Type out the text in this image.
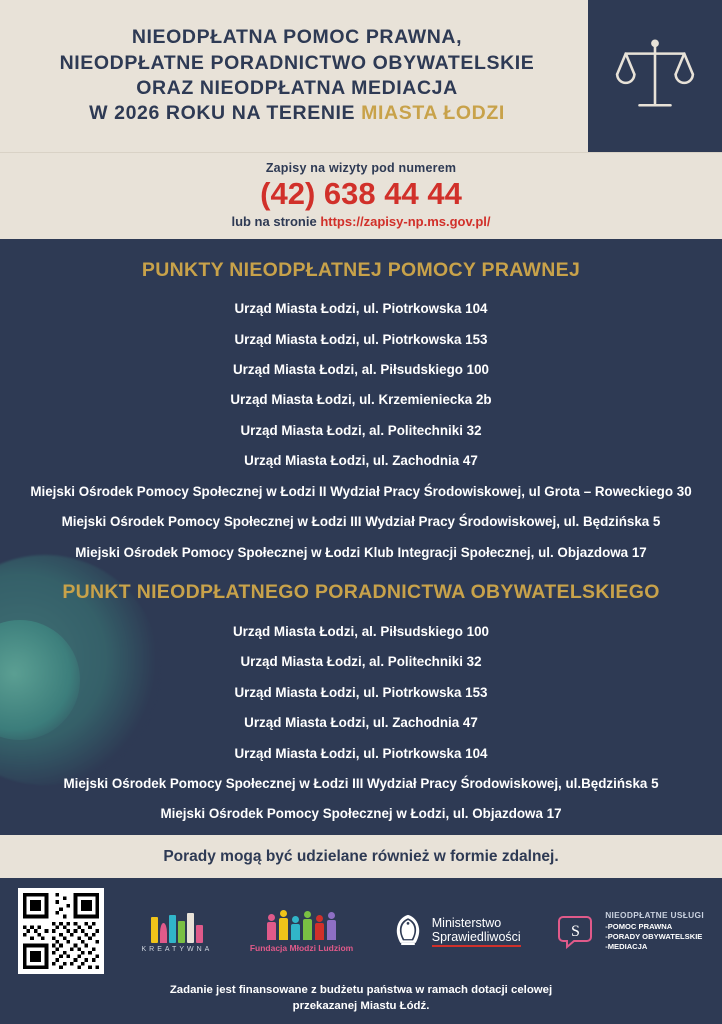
NIEODPŁATNA POMOC PRAWNA,
NIEODPŁATNE PORADNICTWO OBYWATELSKIE
ORAZ NIEODPŁATNA MEDIACJA
W 2026 ROKU NA TERENIE MIASTA ŁODZI
Zapisy na wizyty pod numerem
(42) 638 44 44
lub na stronie https://zapisy-np.ms.gov.pl/
PUNKTY NIEODPŁATNEJ POMOCY PRAWNEJ
Urząd Miasta Łodzi, ul. Piotrkowska 104
Urząd Miasta Łodzi, ul. Piotrkowska 153
Urząd Miasta Łodzi, al. Piłsudskiego 100
Urząd Miasta Łodzi, ul. Krzemieniecka 2b
Urząd Miasta Łodzi, al. Politechniki 32
Urząd Miasta Łodzi, ul. Zachodnia 47
Miejski Ośrodek Pomocy Społecznej w Łodzi II Wydział Pracy Środowiskowej, ul Grota – Roweckiego 30
Miejski Ośrodek Pomocy Społecznej w Łodzi III Wydział Pracy Środowiskowej, ul. Będzińska 5
Miejski Ośrodek Pomocy Społecznej w Łodzi Klub Integracji Społecznej, ul. Objazdowa 17
PUNKT NIEODPŁATNEGO PORADNICTWA OBYWATELSKIEGO
Urząd Miasta Łodzi, al. Piłsudskiego 100
Urząd Miasta Łodzi, al. Politechniki 32
Urząd Miasta Łodzi, ul. Piotrkowska 153
Urząd Miasta Łodzi, ul. Zachodnia 47
Urząd Miasta Łodzi, ul. Piotrkowska 104
Miejski Ośrodek Pomocy Społecznej w Łodzi III Wydział Pracy Środowiskowej, ul.Będzińska 5
Miejski Ośrodek Pomocy Społecznej w Łodzi, ul. Objazdowa 17
Porady mogą być udzielane również w formie zdalnej.
KREATYWNA	Fundacja Młodzi Ludziom
Ministerstwo
Sprawiedliwości	S
NIEODPŁATNE USŁUGI
-POMOC PRAWNA
-PORADY OBYWATELSKIE
-MEDIACJA
Zadanie jest finansowane z budżetu państwa w ramach dotacji celowej
przekazanej Miastu Łódź.
